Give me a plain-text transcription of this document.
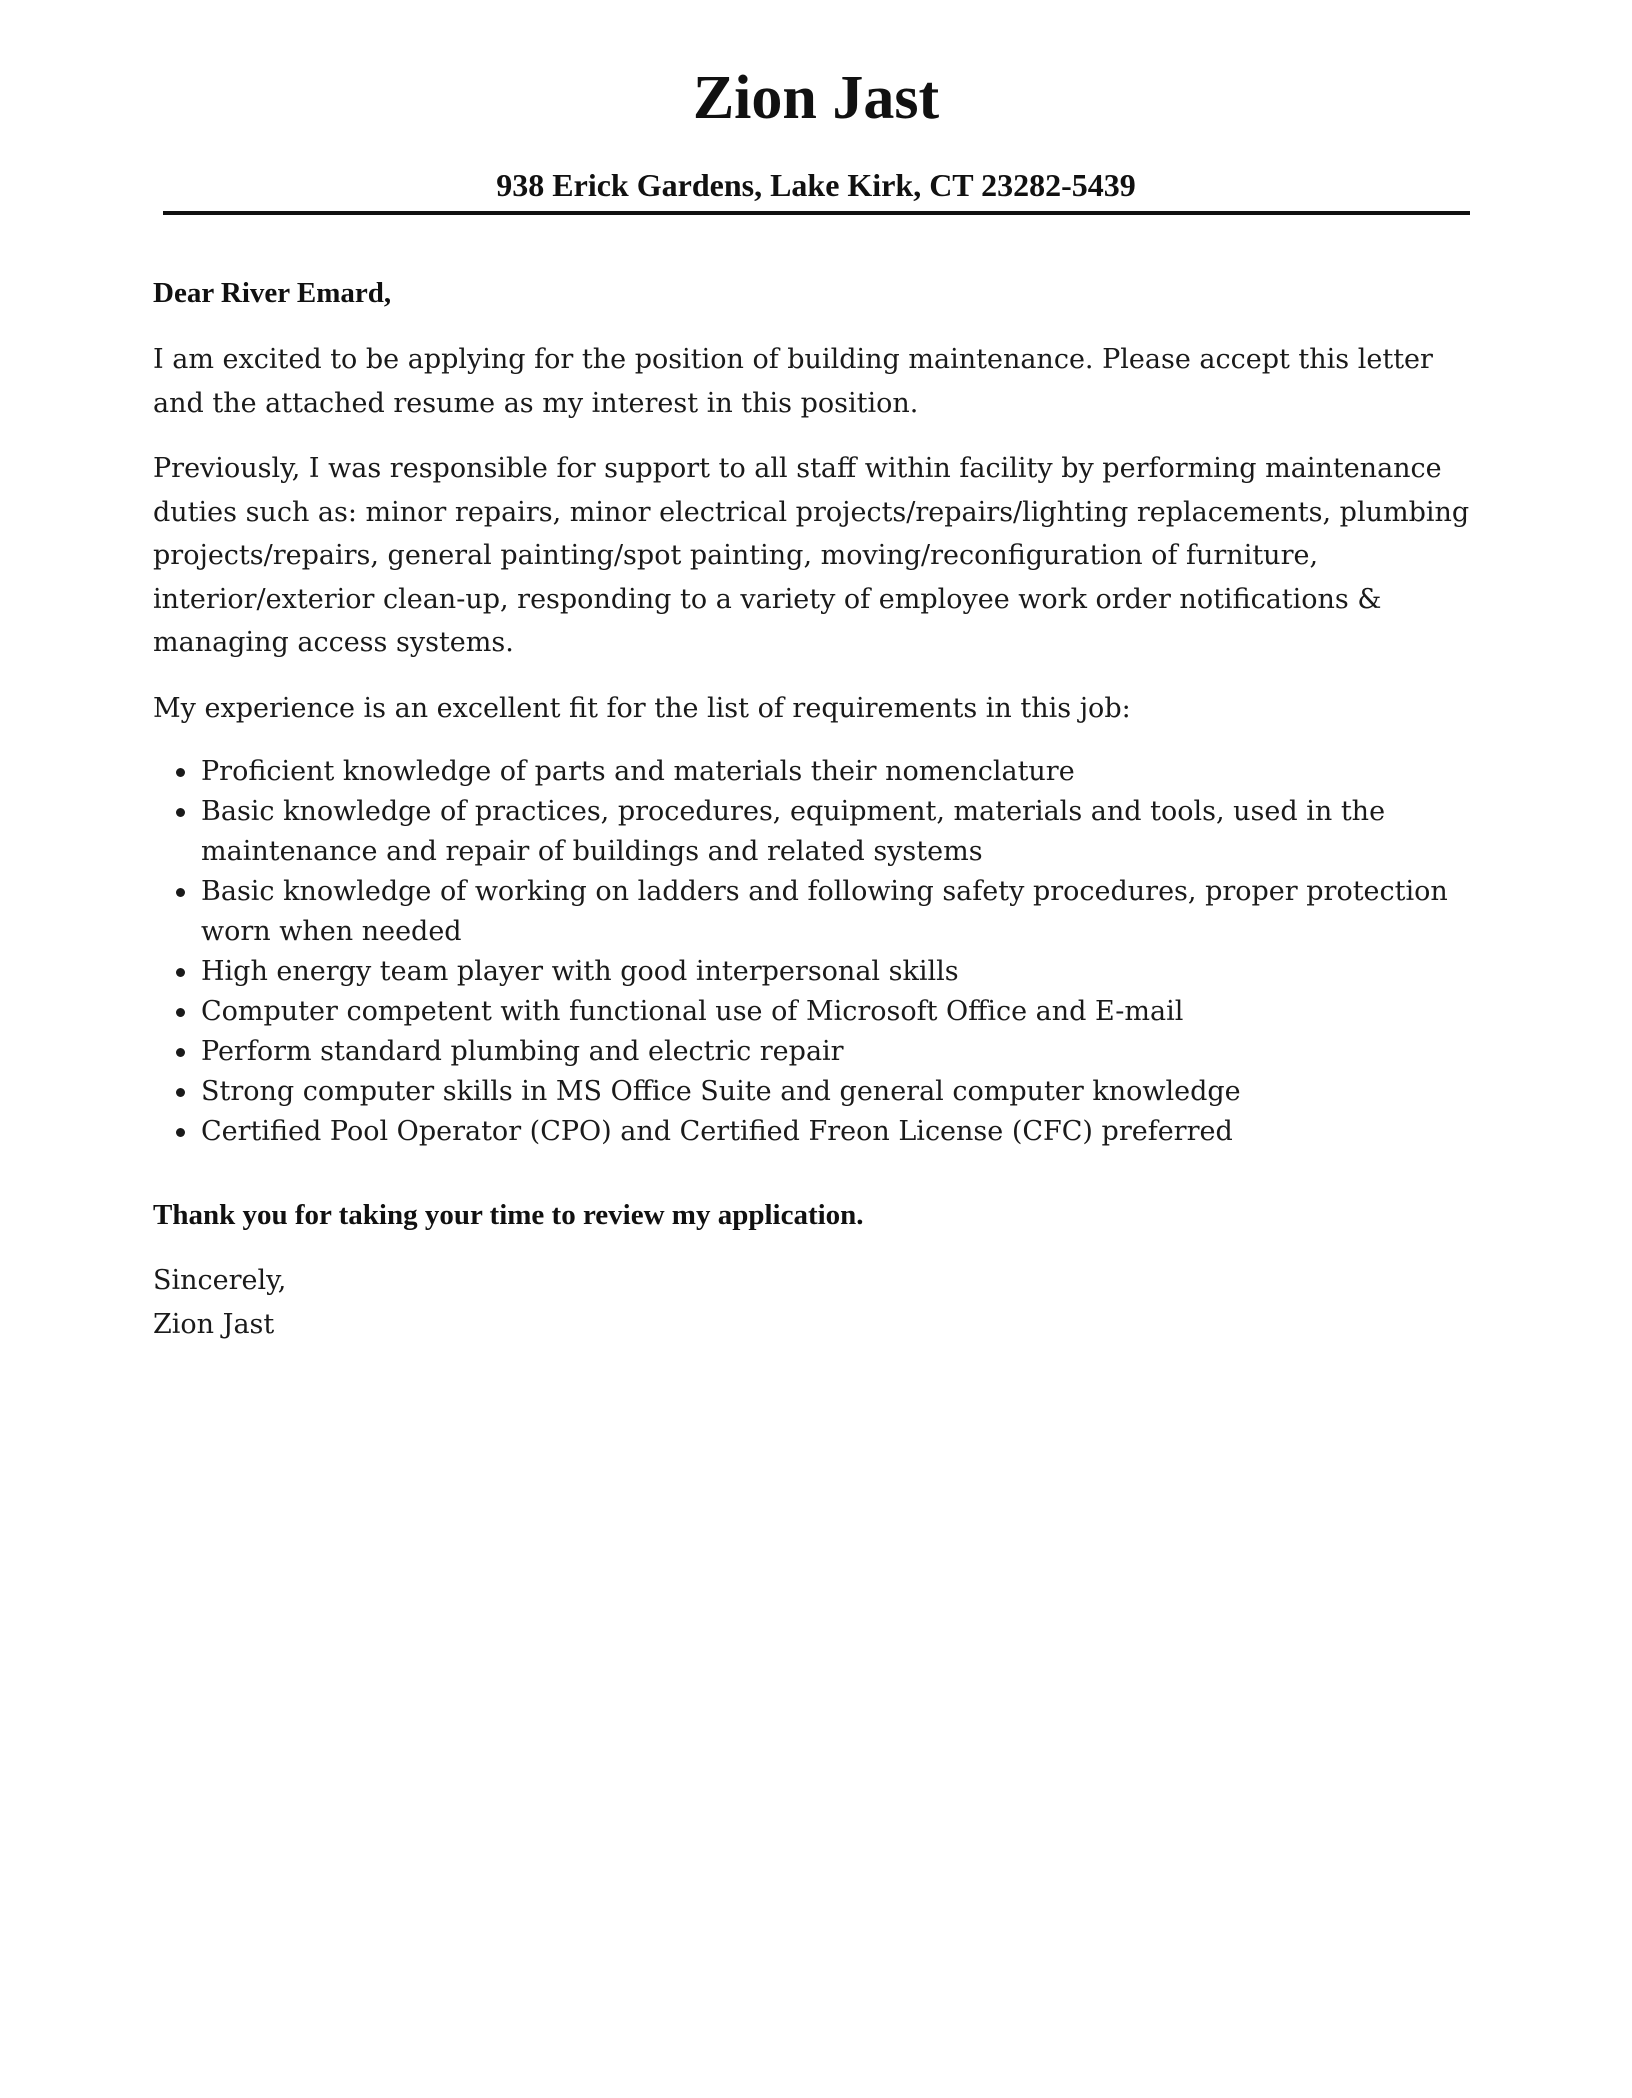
Zion Jast
938 Erick Gardens, Lake Kirk, CT 23282-5439

Dear River Emard,

I am excited to be applying for the position of building maintenance. Please accept this letter and the attached resume as my interest in this position.

Previously, I was responsible for support to all staff within facility by performing maintenance duties such as: minor repairs, minor electrical projects/repairs/lighting replacements, plumbing projects/repairs, general painting/spot painting, moving/reconfiguration of furniture, interior/exterior clean-up, responding to a variety of employee work order notifications & managing access systems.

My experience is an excellent fit for the list of requirements in this job:

Proficient knowledge of parts and materials their nomenclature
Basic knowledge of practices, procedures, equipment, materials and tools, used in the maintenance and repair of buildings and related systems
Basic knowledge of working on ladders and following safety procedures, proper protection worn when needed
High energy team player with good interpersonal skills
Computer competent with functional use of Microsoft Office and E-mail
Perform standard plumbing and electric repair
Strong computer skills in MS Office Suite and general computer knowledge
Certified Pool Operator (CPO) and Certified Freon License (CFC) preferred

Thank you for taking your time to review my application.

Sincerely,

Zion Jast
